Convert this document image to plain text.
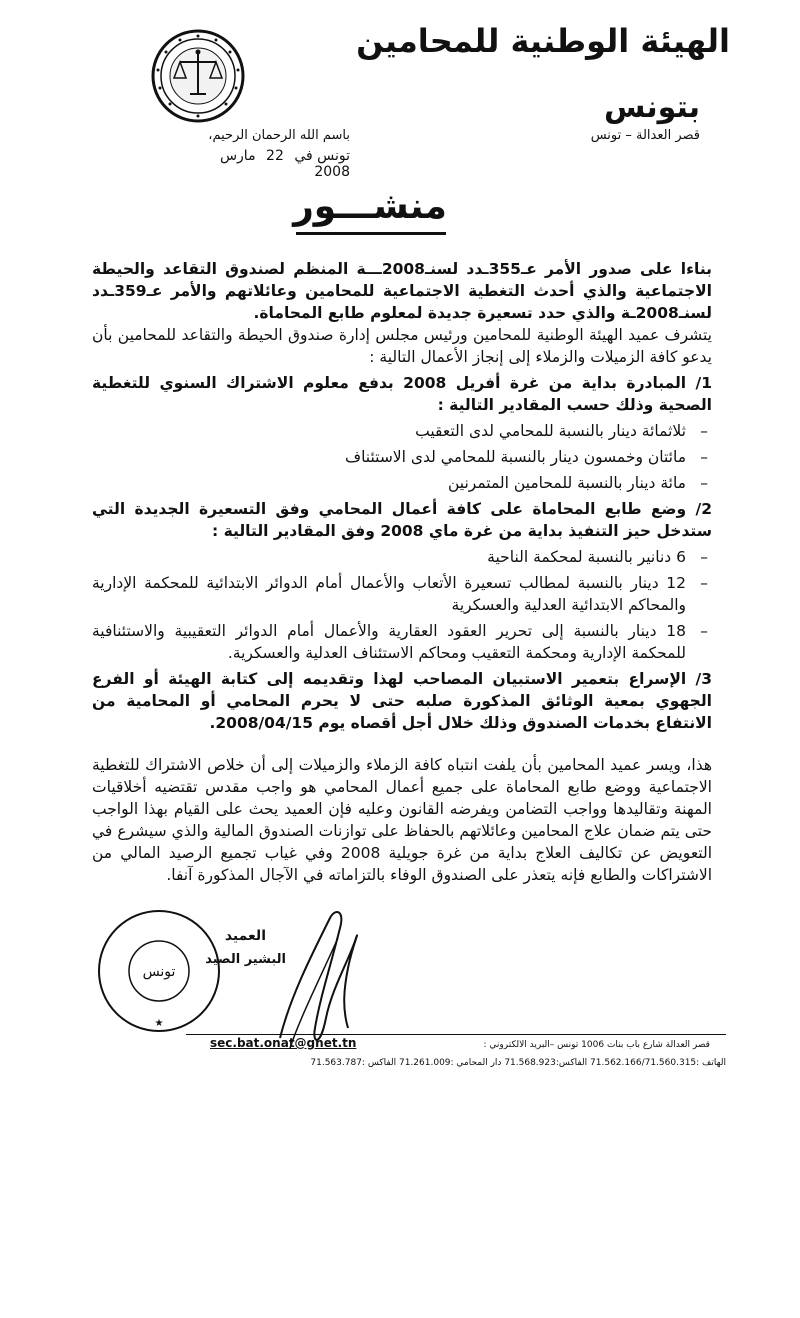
الهيئة الوطنية للمحامين
بتونس
قصر العدالة – تونس
باسم الله الرحمان الرحيم،
تونس في 22 مارس 2008
منشـــور

بناءا على صدور الأمر عـ355ـدد لسنـ2008ـــة المنظم لصندوق التقاعد والحيطة الاجتماعية والذي أحدث التغطية الاجتماعية للمحامين وعائلاتهم والأمر عـ359ـدد لسنـ2008ـة والذي حدد تسعيرة جديدة لمعلوم طابع المحاماة.

يتشرف عميد الهيئة الوطنية للمحامين ورئيس مجلس إدارة صندوق الحيطة والتقاعد للمحامين بأن يدعو كافة الزميلات والزملاء إلى إنجاز الأعمال التالية :

1/ المبادرة بداية من غرة أفريل 2008 بدفع معلوم الاشتراك السنوي للتغطية الصحية وذلك حسب المقادير التالية :

– ثلاثمائة دينار بالنسبة للمحامي لدى التعقيب
– مائتان وخمسون دينار بالنسبة للمحامي لدى الاستئناف
– مائة دينار بالنسبة للمحامين المتمرنين

2/ وضع طابع المحاماة على كافة أعمال المحامي وفق التسعيرة الجديدة التي ستدخل حيز التنفيذ بداية من غرة ماي 2008 وفق المقادير التالية :

– 6 دنانير بالنسبة لمحكمة الناحية
– 12 دينار بالنسبة لمطالب تسعيرة الأتعاب والأعمال أمام الدوائر الابتدائية للمحكمة الإدارية والمحاكم الابتدائية العدلية والعسكرية
– 18 دينار بالنسبة إلى تحرير العقود العقارية والأعمال أمام الدوائر التعقيبية والاستئنافية للمحكمة الإدارية ومحكمة التعقيب ومحاكم الاستئناف العدلية والعسكرية.

3/ الإسراع بتعمير الاستبيان المصاحب لهذا وتقديمه إلى كتابة الهيئة أو الفرع الجهوي بمعية الوثائق المذكورة صلبه حتى لا يحرم المحامي أو المحامية من الانتفاع بخدمات الصندوق وذلك خلال أجل أقصاه يوم 2008/04/15.

هذا، ويسر عميد المحامين بأن يلفت انتباه كافة الزملاء والزميلات إلى أن خلاص الاشتراك للتغطية الاجتماعية ووضع طابع المحاماة على جميع أعمال المحامي هو واجب مقدس تقتضيه أخلاقيات المهنة وتقاليدها وواجب التضامن ويفرضه القانون وعليه فإن العميد يحث على القيام بهذا الواجب حتى يتم ضمان علاج المحامين وعائلاتهم بالحفاظ على توازنات الصندوق المالية والذي سيشرع في التعويض عن تكاليف العلاج بداية من غرة جويلية 2008 وفي غياب تجميع الرصيد المالي من الاشتراكات والطابع فإنه يتعذر على الصندوق الوفاء بالتزاماته في الآجال المذكورة آنفا.

تونس
★
العميد
البشير الصيد
sec.bat.onat@gnet.tn	قصر العدالة شارع باب بنات 1006 تونس –البريد الالكتروني :
الهاتف :71.562.166/71.560.315 الفاكس:71.568.923 دار المحامي :71.261.009 الفاكس :71.563.787
